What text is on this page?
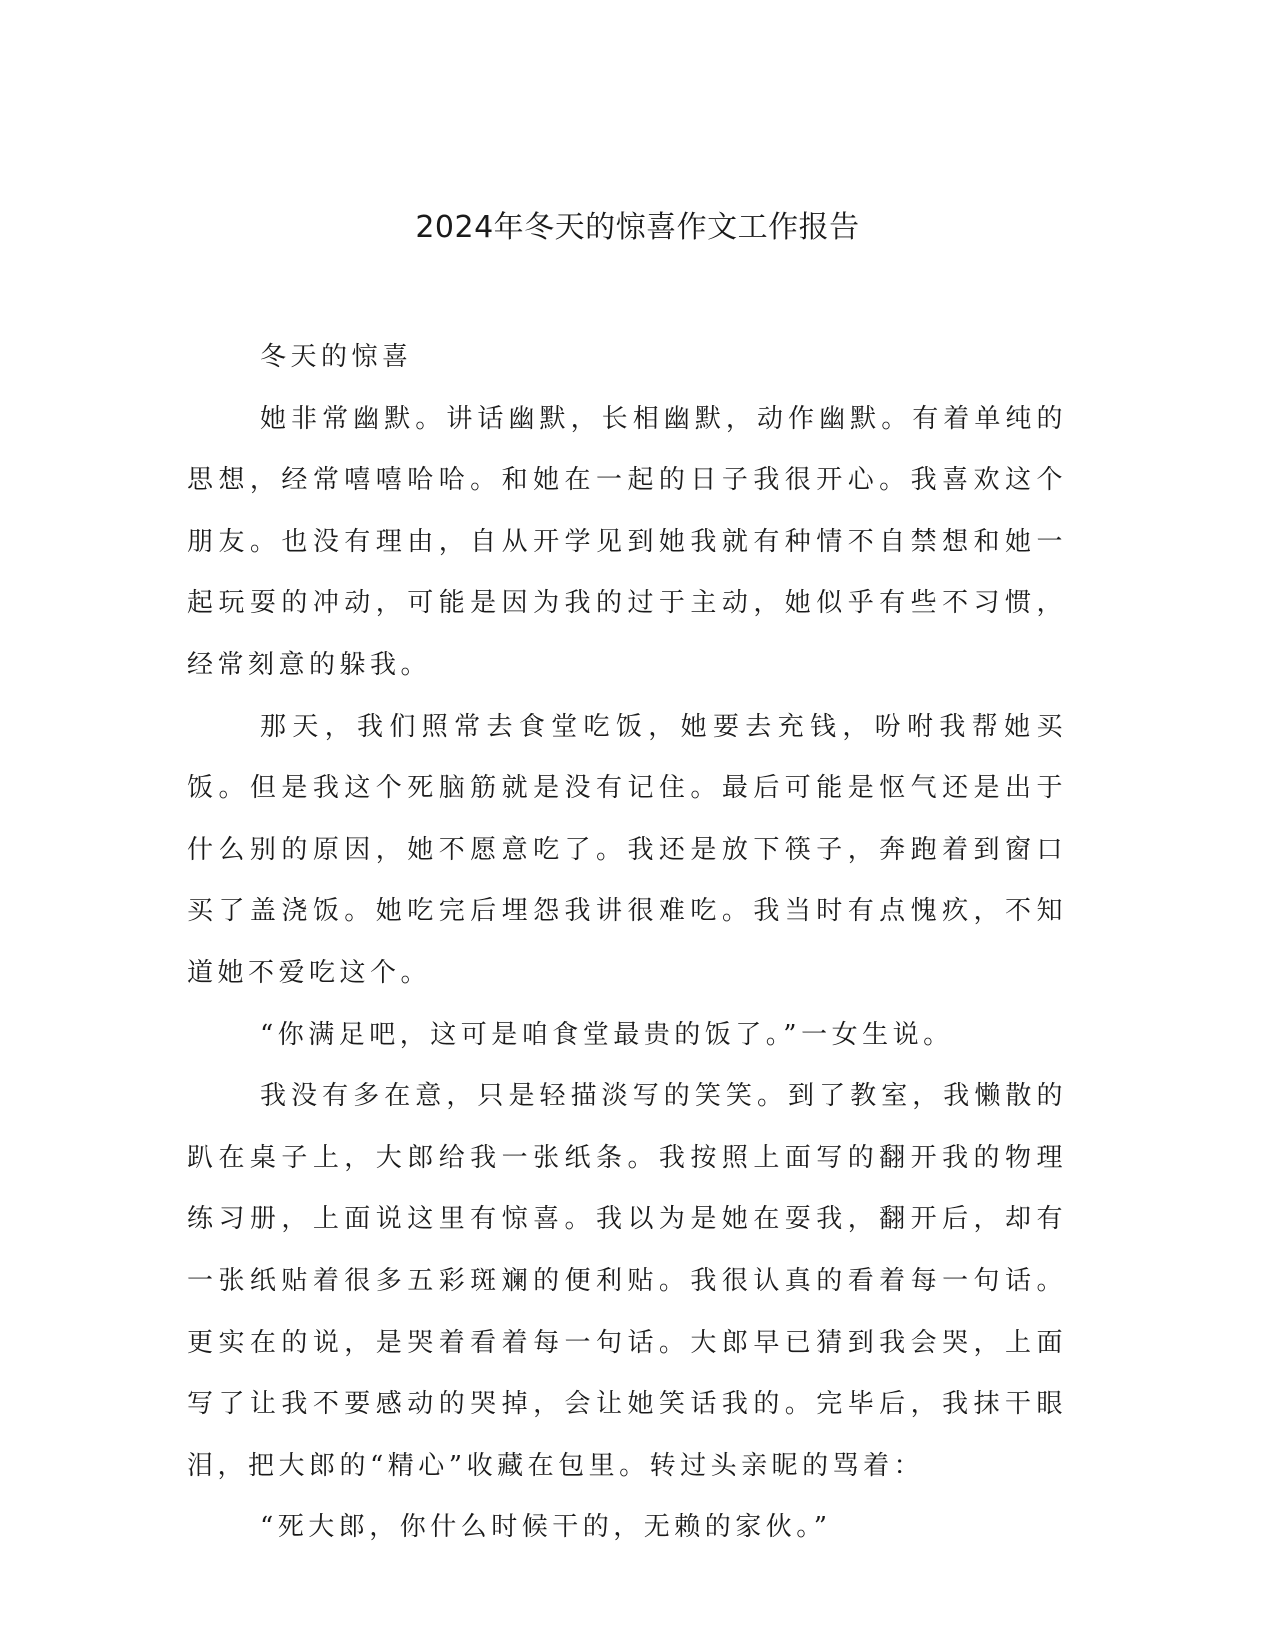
2024年冬天的惊喜作文工作报告

冬天的惊喜

她非常幽默。讲话幽默，长相幽默，动作幽默。有着单纯的思想，经常嘻嘻哈哈。和她在一起的日子我很开心。我喜欢这个朋友。也没有理由，自从开学见到她我就有种情不自禁想和她一起玩耍的冲动，可能是因为我的过于主动，她似乎有些不习惯，经常刻意的躲我。

那天，我们照常去食堂吃饭，她要去充钱，吩咐我帮她买饭。但是我这个死脑筋就是没有记住。最后可能是怄气还是出于什么别的原因，她不愿意吃了。我还是放下筷子，奔跑着到窗口买了盖浇饭。她吃完后埋怨我讲很难吃。我当时有点愧疚，不知道她不爱吃这个。

“你满足吧，这可是咱食堂最贵的饭了。”一女生说。

我没有多在意，只是轻描淡写的笑笑。到了教室，我懒散的趴在桌子上，大郎给我一张纸条。我按照上面写的翻开我的物理练习册，上面说这里有惊喜。我以为是她在耍我，翻开后，却有一张纸贴着很多五彩斑斓的便利贴。我很认真的看着每一句话。更实在的说，是哭着看着每一句话。大郎早已猜到我会哭，上面写了让我不要感动的哭掉，会让她笑话我的。完毕后，我抹干眼泪，把大郎的“精心”收藏在包里。转过头亲昵的骂着：

“死大郎，你什么时候干的，无赖的家伙。”
